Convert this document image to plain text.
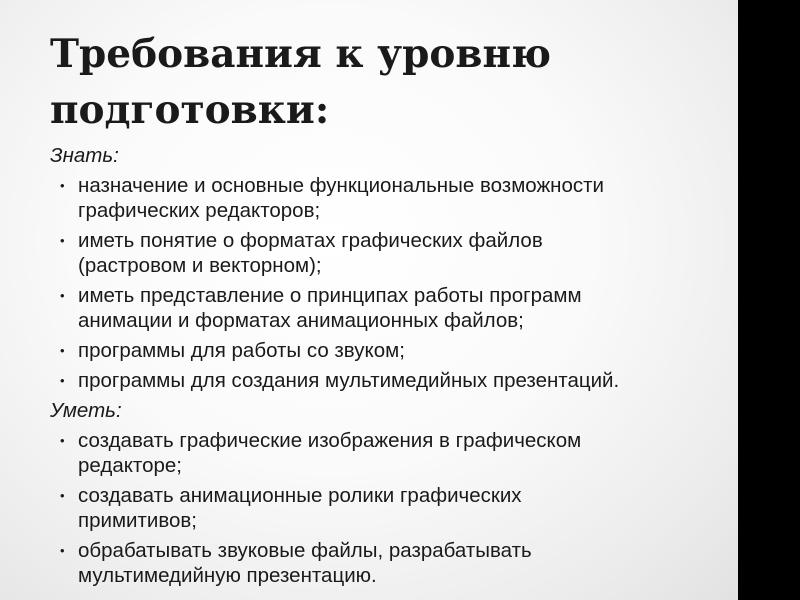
Требования к уровню
подготовки:
Знать:
• назначение и основные функциональные возможности
графических редакторов;
• иметь понятие о форматах графических файлов
(растровом и векторном);
• иметь представление о принципах работы программ
анимации и форматах анимационных файлов;
• программы для работы со звуком;
• программы для создания мультимедийных презентаций.
Уметь:
• создавать графические изображения в графическом
редакторе;
• создавать анимационные ролики графических
примитивов;
• обрабатывать звуковые файлы, разрабатывать
мультимедийную презентацию.
